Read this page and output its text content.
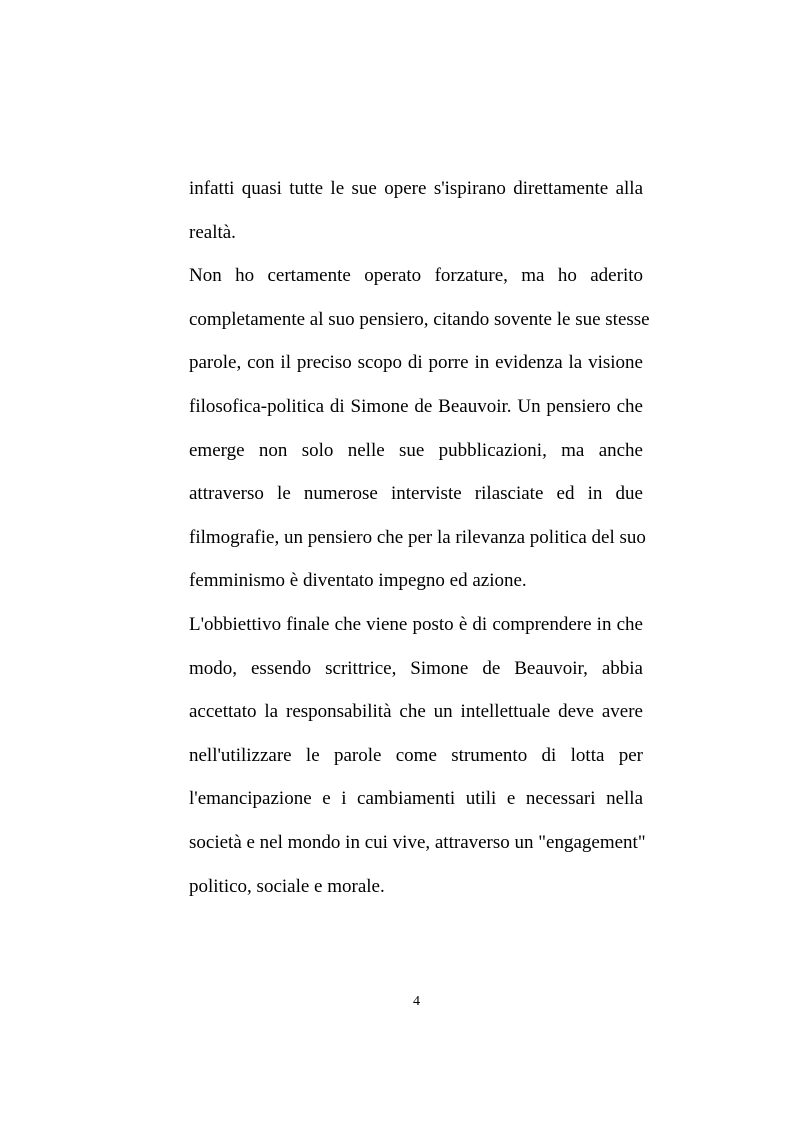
infatti quasi tutte le sue opere s'ispirano direttamente alla
realtà.
Non ho certamente operato forzature, ma ho aderito
completamente al suo pensiero, citando sovente le sue stesse
parole, con il preciso scopo di porre in evidenza la visione
filosofica-politica di Simone de Beauvoir. Un pensiero che
emerge non solo nelle sue pubblicazioni, ma anche
attraverso le numerose interviste rilasciate ed in due
filmografie, un pensiero che per la rilevanza politica del suo
femminismo è diventato impegno ed azione.
L'obbiettivo finale che viene posto è di comprendere in che
modo, essendo scrittrice, Simone de Beauvoir, abbia
accettato la responsabilità che un intellettuale deve avere
nell'utilizzare le parole come strumento di lotta per
l'emancipazione e i cambiamenti utili e necessari nella
società e nel mondo in cui vive, attraverso un "engagement"
politico, sociale e morale.
4
